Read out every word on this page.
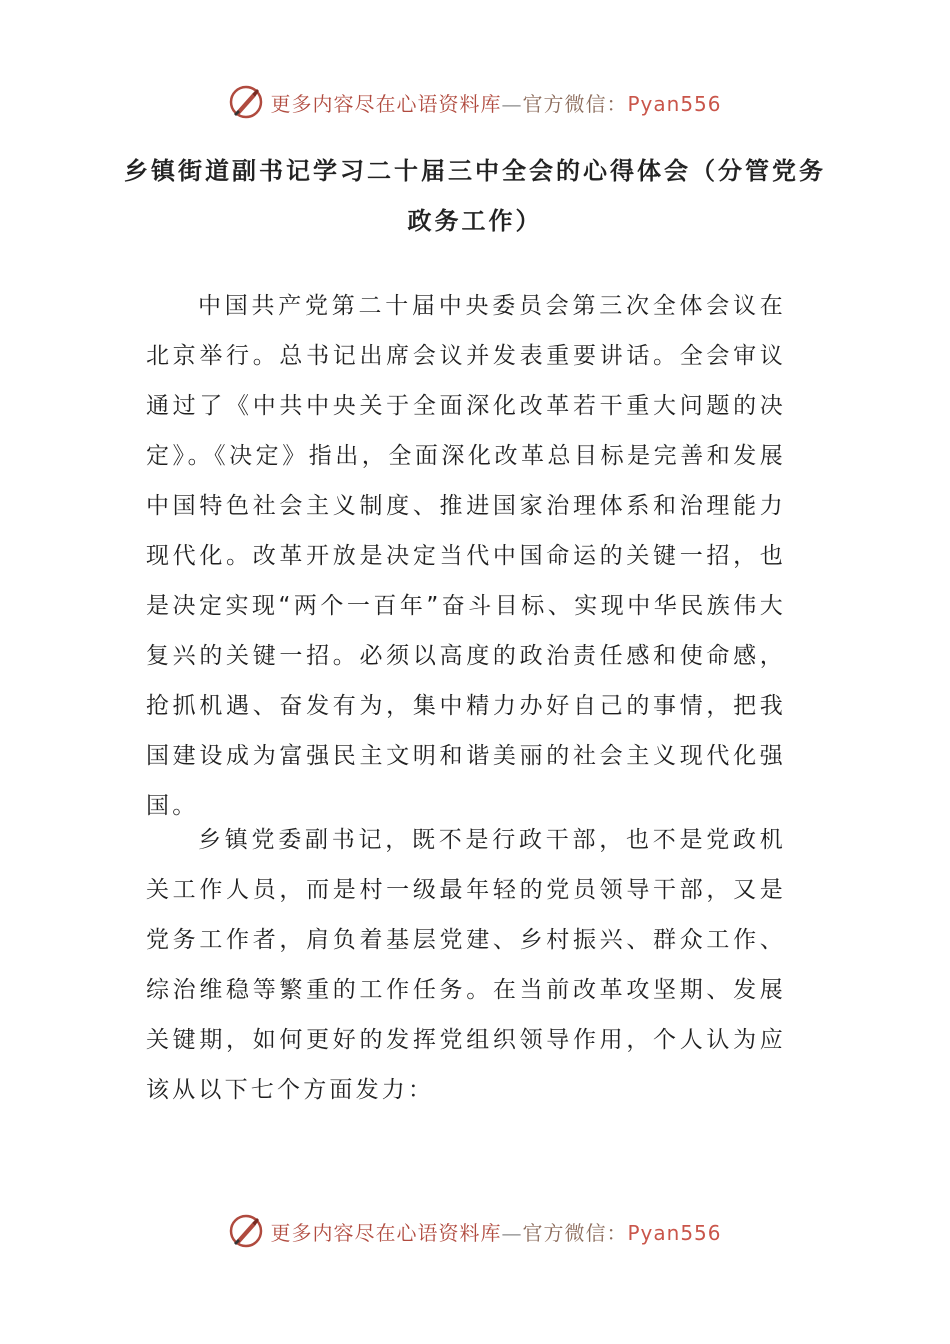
更多内容尽在心语资料库—官方微信：Pyan556
乡镇街道副书记学习二十届三中全会的心得体会（分管党务政务工作）

中国共产党第二十届中央委员会第三次全体会议在北京举行。总书记出席会议并发表重要讲话。全会审议通过了《中共中央关于全面深化改革若干重大问题的决定》。《决定》指出，全面深化改革总目标是完善和发展中国特色社会主义制度、推进国家治理体系和治理能力现代化。改革开放是决定当代中国命运的关键一招，也是决定实现“两个一百年”奋斗目标、实现中华民族伟大复兴的关键一招。必须以高度的政治责任感和使命感，抢抓机遇、奋发有为，集中精力办好自己的事情，把我国建设成为富强民主文明和谐美丽的社会主义现代化强国。

乡镇党委副书记，既不是行政干部，也不是党政机关工作人员，而是村一级最年轻的党员领导干部，又是党务工作者，肩负着基层党建、乡村振兴、群众工作、综治维稳等繁重的工作任务。在当前改革攻坚期、发展关键期，如何更好的发挥党组织领导作用，个人认为应该从以下七个方面发力：

更多内容尽在心语资料库—官方微信：Pyan556
